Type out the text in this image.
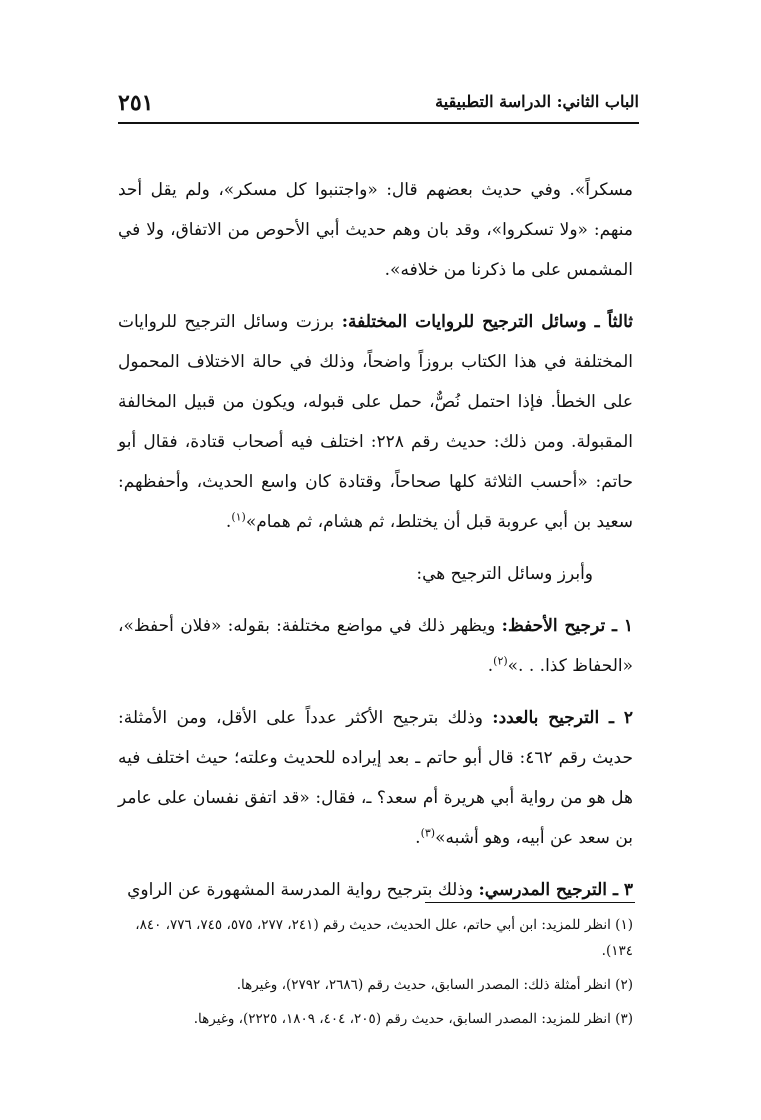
الباب الثاني: الدراسة التطبيقية
٢٥١

مسكراً». وفي حديث بعضهم قال: «واجتنبوا كل مسكر»، ولم يقل أحد منهم: «ولا تسكروا»، وقد بان وهم حديث أبي الأحوص من الاتفاق، ولا في المشمس على ما ذكرنا من خلافه».

ثالثاً ـ وسائل الترجيح للروايات المختلفة: برزت وسائل الترجيح للروايات المختلفة في هذا الكتاب بروزاً واضحاً، وذلك في حالة الاختلاف المحمول على الخطأ. فإذا احتمل نُصٌّ، حمل على قبوله، ويكون من قبيل المخالفة المقبولة. ومن ذلك: حديث رقم ٢٢٨: اختلف فيه أصحاب قتادة، فقال أبو حاتم: «أحسب الثلاثة كلها صحاحاً، وقتادة كان واسع الحديث، وأحفظهم: سعيد بن أبي عروبة قبل أن يختلط، ثم هشام، ثم همام»$^{(١)}$.

وأبرز وسائل الترجيح هي:

١ ـ ترجيح الأحفظ: ويظهر ذلك في مواضع مختلفة: بقوله: «فلان أحفظ»، «الحفاظ كذا. . .»$^{(٢)}$.

٢ ـ الترجيح بالعدد: وذلك بترجيح الأكثر عدداً على الأقل، ومن الأمثلة: حديث رقم ٤٦٢: قال أبو حاتم ـ بعد إيراده للحديث وعلته؛ حيث اختلف فيه هل هو من رواية أبي هريرة أم سعد؟ ـ، فقال: «قد اتفق نفسان على عامر بن سعد عن أبيه، وهو أشبه»$^{(٣)}$.

٣ ـ الترجيح المدرسي: وذلك بترجيح رواية المدرسة المشهورة عن الراوي

(١) انظر للمزيد: ابن أبي حاتم، علل الحديث، حديث رقم (٢٤١، ٢٧٧، ٥٧٥، ٧٤٥، ٧٧٦، ٨٤٠، ١٣٤).
(٢) انظر أمثلة ذلك: المصدر السابق، حديث رقم (٢٦٨٦، ٢٧٩٢)، وغيرها.
(٣) انظر للمزيد: المصدر السابق، حديث رقم (٢٠٥، ٤٠٤، ١٨٠٩، ٢٢٢٥)، وغيرها.
